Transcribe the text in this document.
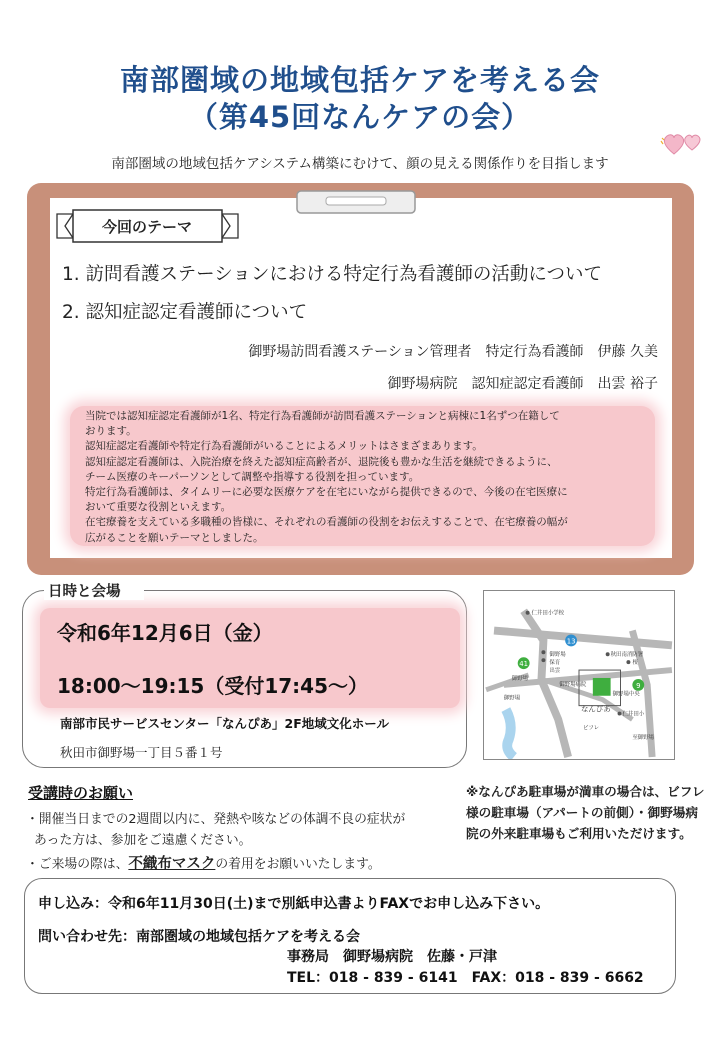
南部圏域の地域包括ケアを考える会
（第45回なんケアの会）
南部圏域の地域包括ケアシステム構築にむけて、顔の見える関係作りを目指します
今回のテーマ
1. 訪問看護ステーションにおける特定行為看護師の活動について
2. 認知症認定看護師について
御野場訪問看護ステーション管理者　特定行為看護師　伊藤 久美
御野場病院　認知症認定看護師　出雲 裕子

当院では認知症認定看護師が1名、特定行為看護師が訪問看護ステーションと病棟に1名ずつ在籍して

おります。

認知症認定看護師や特定行為看護師がいることによるメリットはさまざまあります。

認知症認定看護師は、入院治療を終えた認知症高齢者が、退院後も豊かな生活を継続できるように、

チーム医療のキーパーソンとして調整や指導する役割を担っています。

特定行為看護師は、タイムリーに必要な医療ケアを在宅にいながら提供できるので、今後の在宅医療に

おいて重要な役割といえます。

在宅療養を支えている多職種の皆様に、それぞれの看護師の役割をお伝えすることで、在宅療養の幅が

広がることを願いテーマとしました。

日時と会場
令和6年12月6日（金）
18:00〜19:15（受付17:45〜）
南部市民サービスセンター「なんぴあ」2F地域文化ホール
秋田市御野場一丁目５番１号
13
41
9
仁井田小学校
秋田南消防署
桜
御野場
保育
出雲
御野場病院
なんぴあ
御野場中央
仁井田小
至御野場
御野場
御野場
ビフレ
受講時のお願い
・開催当日までの2週間以内に、発熱や咳などの体調不良の症状が
あった方は、参加をご遠慮ください。
・ご来場の際は、不織布マスクの着用をお願いいたします。
※なんぴあ駐車場が満車の場合は、ビフレ様の駐車場（アパートの前側）・御野場病院の外来駐車場もご利用いただけます。
申し込み：令和6年11月30日(土)まで別紙申込書よりFAXでお申し込み下さい。
問い合わせ先：南部圏域の地域包括ケアを考える会
事務局　御野場病院　佐藤・戸津
TEL：018 - 839 - 6141　FAX：018 - 839 - 6662
